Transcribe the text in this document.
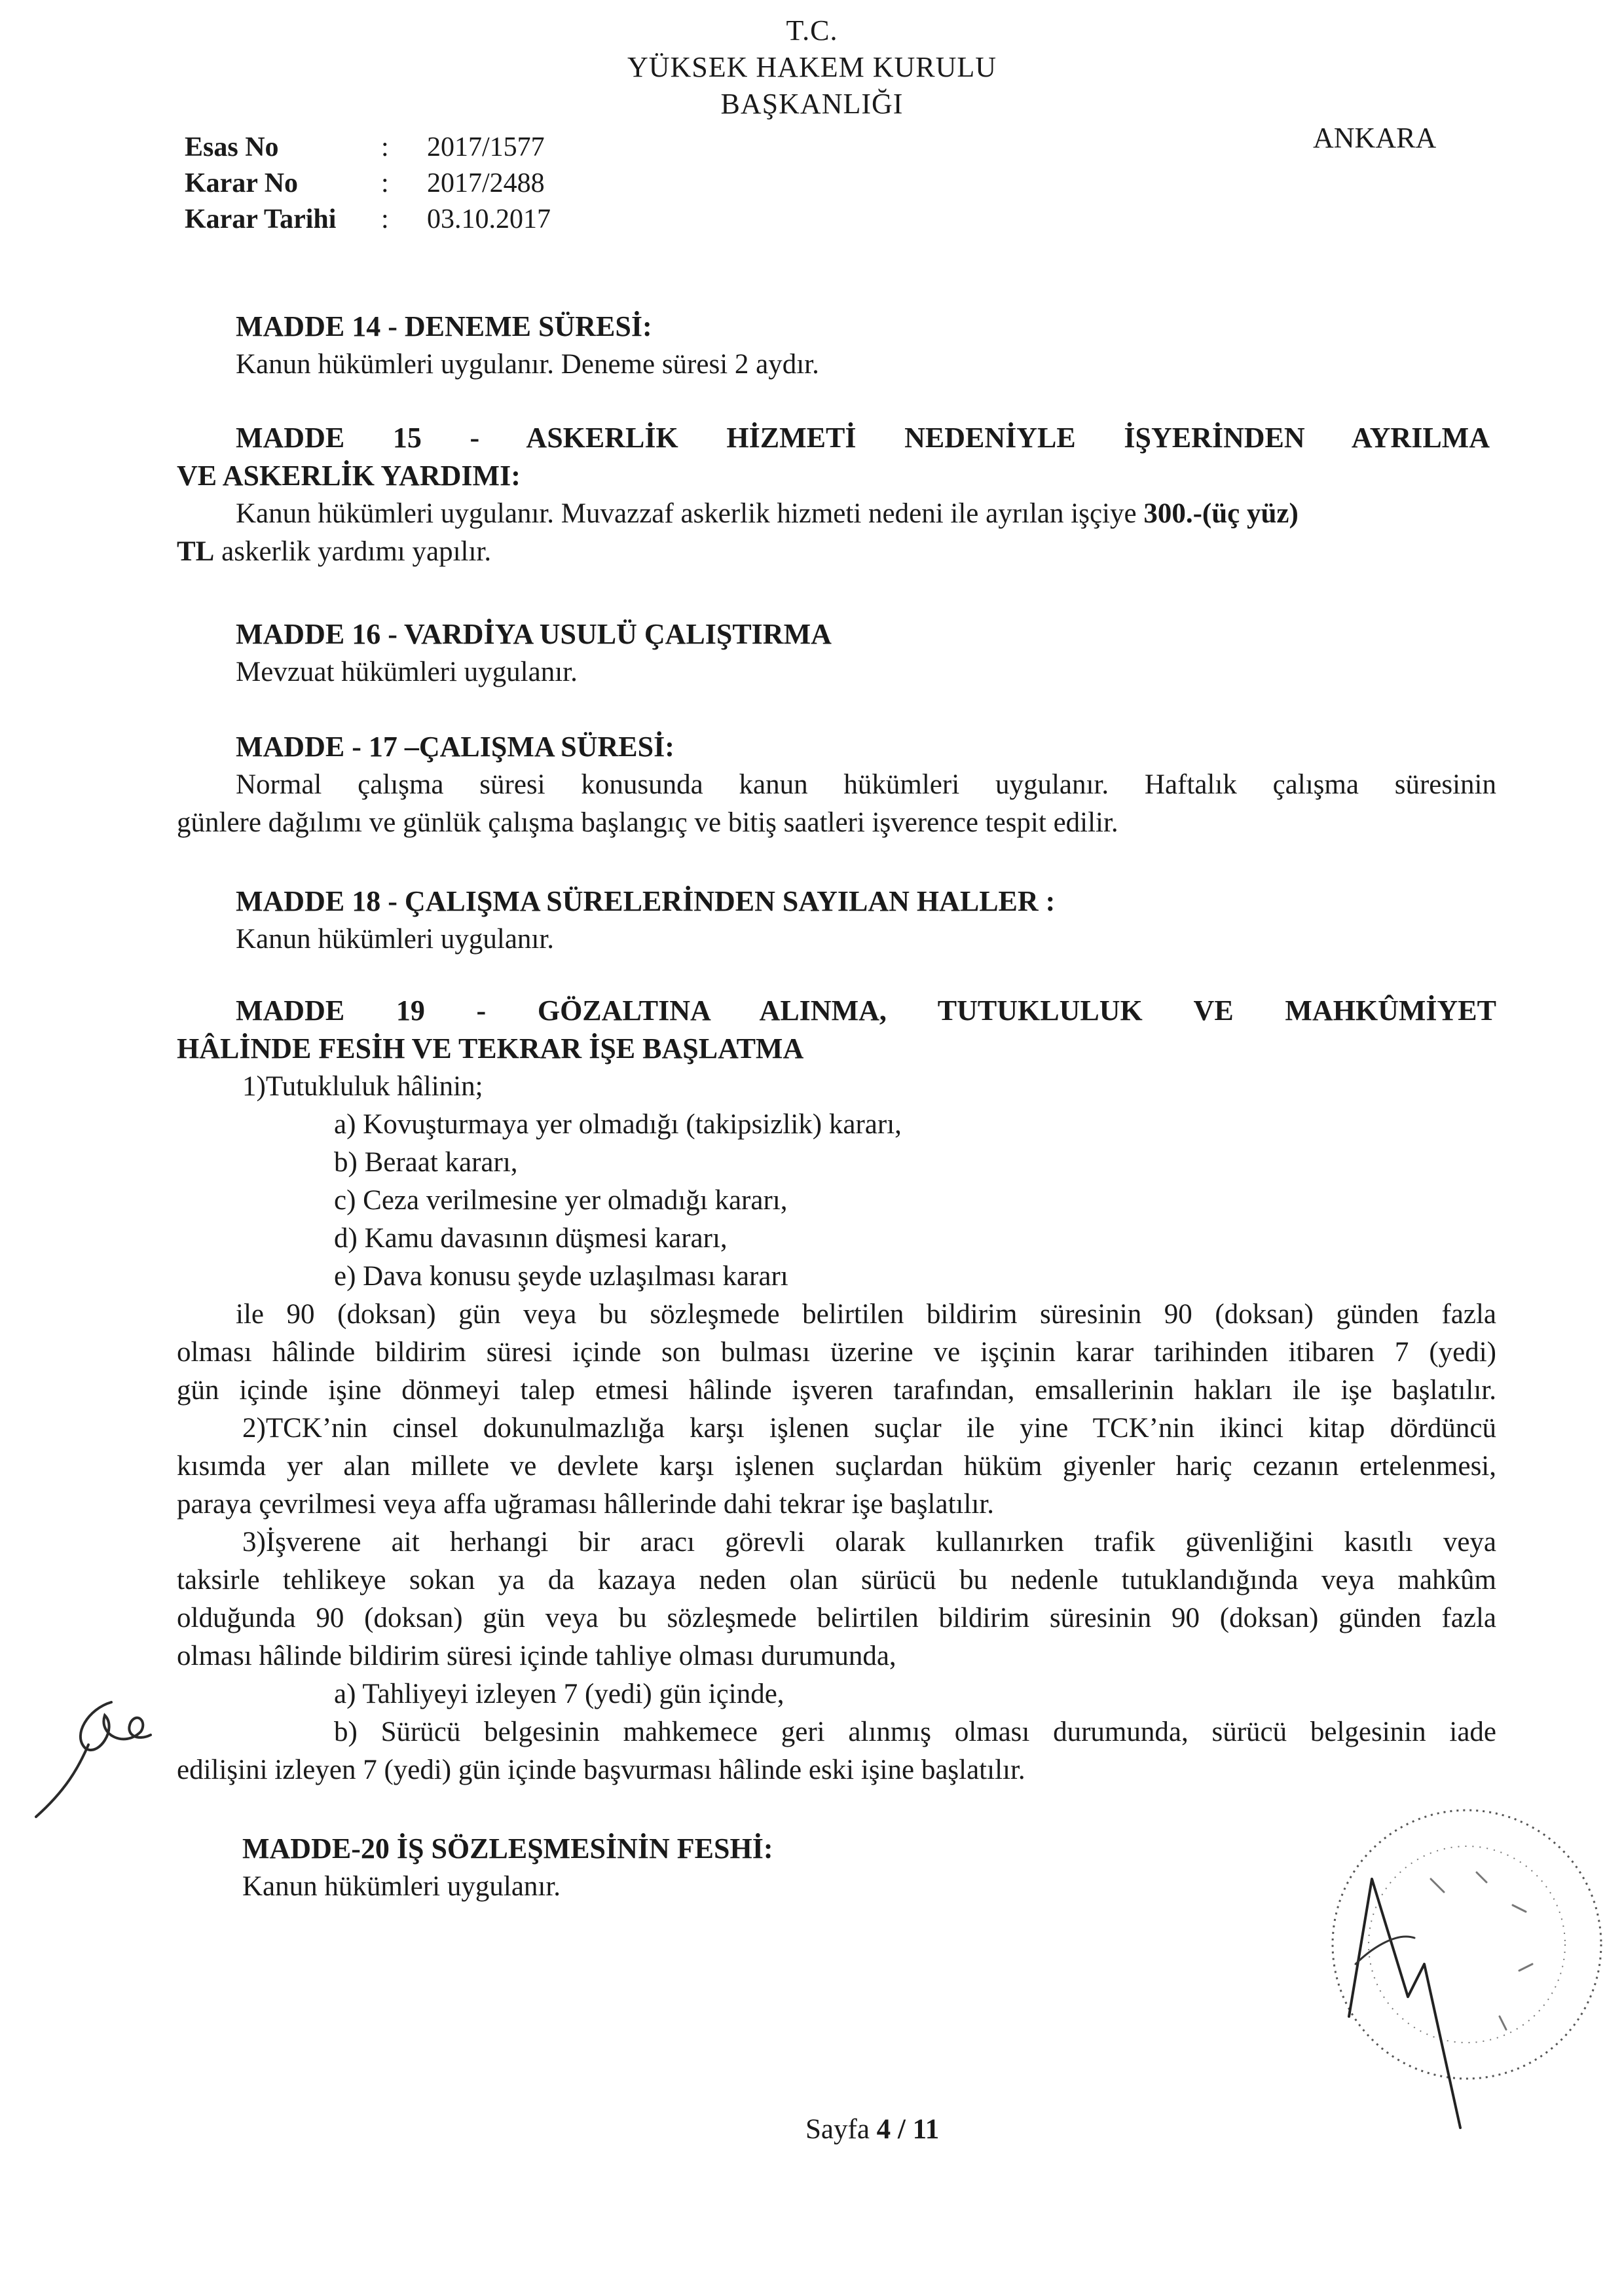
T.C.
YÜKSEK HAKEM KURULU
BAŞKANLIĞI
ANKARA
Esas No	: 2017/1577
Karar No	: 2017/2488
Karar Tarihi : 03.10.2017
MADDE 14 - DENEME SÜRESİ:
Kanun hükümleri uygulanır. Deneme süresi 2 aydır.
MADDE 15 - ASKERLİK HİZMETİ NEDENİYLE İŞYERİNDEN AYRILMA
VE ASKERLİK YARDIMI:
Kanun hükümleri uygulanır. Muvazzaf askerlik hizmeti nedeni ile ayrılan işçiye 300.-(üç yüz)
TL askerlik yardımı yapılır.
MADDE 16 - VARDİYA USULÜ ÇALIŞTIRMA
Mevzuat hükümleri uygulanır.
MADDE - 17 –ÇALIŞMA SÜRESİ:
Normal çalışma süresi konusunda kanun hükümleri uygulanır. Haftalık çalışma süresinin
günlere dağılımı ve günlük çalışma başlangıç ve bitiş saatleri işverence tespit edilir.
MADDE 18 - ÇALIŞMA SÜRELERİNDEN SAYILAN HALLER :
Kanun hükümleri uygulanır.
MADDE 19 - GÖZALTINA ALINMA, TUTUKLULUK VE MAHKÛMİYET
HÂLİNDE FESİH VE TEKRAR İŞE BAŞLATMA
1)Tutukluluk hâlinin;
a) Kovuşturmaya yer olmadığı (takipsizlik) kararı,
b) Beraat kararı,
c) Ceza verilmesine yer olmadığı kararı,
d) Kamu davasının düşmesi kararı,
e) Dava konusu şeyde uzlaşılması kararı
ile 90 (doksan) gün veya bu sözleşmede belirtilen bildirim süresinin 90 (doksan) günden fazla
olması hâlinde bildirim süresi içinde son bulması üzerine ve işçinin karar tarihinden itibaren 7 (yedi)
gün içinde işine dönmeyi talep etmesi hâlinde işveren tarafından, emsallerinin hakları ile işe başlatılır.
2)TCK’nin cinsel dokunulmazlığa karşı işlenen suçlar ile yine TCK’nin ikinci kitap dördüncü
kısımda yer alan millete ve devlete karşı işlenen suçlardan hüküm giyenler hariç cezanın ertelenmesi,
paraya çevrilmesi veya affa uğraması hâllerinde dahi tekrar işe başlatılır.
3)İşverene ait herhangi bir aracı görevli olarak kullanırken trafik güvenliğini kasıtlı veya
taksirle tehlikeye sokan ya da kazaya neden olan sürücü bu nedenle tutuklandığında veya mahkûm
olduğunda 90 (doksan) gün veya bu sözleşmede belirtilen bildirim süresinin 90 (doksan) günden fazla
olması hâlinde bildirim süresi içinde tahliye olması durumunda,
a) Tahliyeyi izleyen 7 (yedi) gün içinde,
b) Sürücü belgesinin mahkemece geri alınmış olması durumunda, sürücü belgesinin iade
edilişini izleyen 7 (yedi) gün içinde başvurması hâlinde eski işine başlatılır.
MADDE-20 İŞ SÖZLEŞMESİNİN FESHİ:
Kanun hükümleri uygulanır.
Sayfa 4 / 11
